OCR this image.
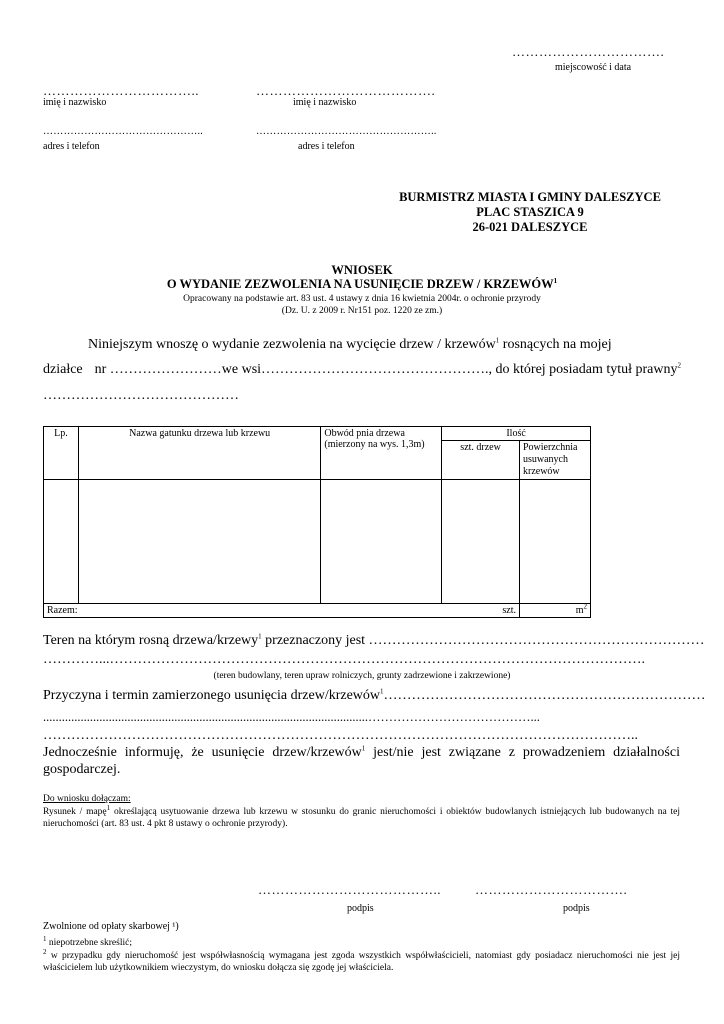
…………………………….
miejscowość i data
……………………………..
imię i nazwisko
………………………………….
imię i nazwisko
………………………………………..
adres i telefon
……………………………………………..
adres i telefon
BURMISTRZ MIASTA I GMINY DALESZYCE
PLAC STASZICA 9
26-021 DALESZYCE
WNIOSEK
O WYDANIE ZEZWOLENIA NA USUNIĘCIE DRZEW / KRZEWÓW$^1$
Opracowany na podstawie art. 83 ust. 4 ustawy z dnia 16 kwietnia 2004r. o ochronie przyrody
(Dz. U. z 2009 r. Nr151 poz. 1220 ze zm.)
Niniejszym wnoszę o wydanie zezwolenia na wycięcie drzew / krzewów$^1$ rosnących na mojej
działce nr ……………………we wsi…………………………………………., do której posiadam tytuł prawny$^2$
……………………………………
Lp.	Nazwa gatunku drzewa lub krzewu	Obwód pnia drzewa
(mierzony na wys. 1,3m)	Ilość	
			szt. drzew	Powierzchnia
usuwanych
krzewów

Razem:			szt.	$m^2$
Teren na którym rosną drzewa/krzewy$^1$ przeznaczony jest ………………………………………………………………
…………...…………………………………………………………………………………………………….
(teren budowlany, teren upraw rolniczych, grunty zadrzewione i zakrzewione)
Przyczyna i termin zamierzonego usunięcia drzew/krzewów$^1$……………………………………………………………
........................................................................................................…………………………………...
………………………………………………………………………………………………………………..
Jednocześnie informuję, że usunięcie drzew/krzewów$^1$ jest/nie jest związane z prowadzeniem działalności gospodarczej.
Do wniosku dołączam:
Rysunek / mapę$^1$ określającą usytuowanie drzewa lub krzewu w stosunku do granic nieruchomości i obiektów budowlanych istniejących lub budowanych na tej nieruchomości (art. 83 ust. 4 pkt 8 ustawy o ochronie przyrody).
…………………………………..
podpis
…………………………….
podpis
Zwolnione od opłaty skarbowej ¹)
$^1$ niepotrzebne skreślić;
$^2$ w przypadku gdy nieruchomość jest współwłasnością wymagana jest zgoda wszystkich współwłaścicieli, natomiast gdy posiadacz nieruchomości nie jest jej właścicielem lub użytkownikiem wieczystym, do wniosku dołącza się zgodę jej właściciela.
